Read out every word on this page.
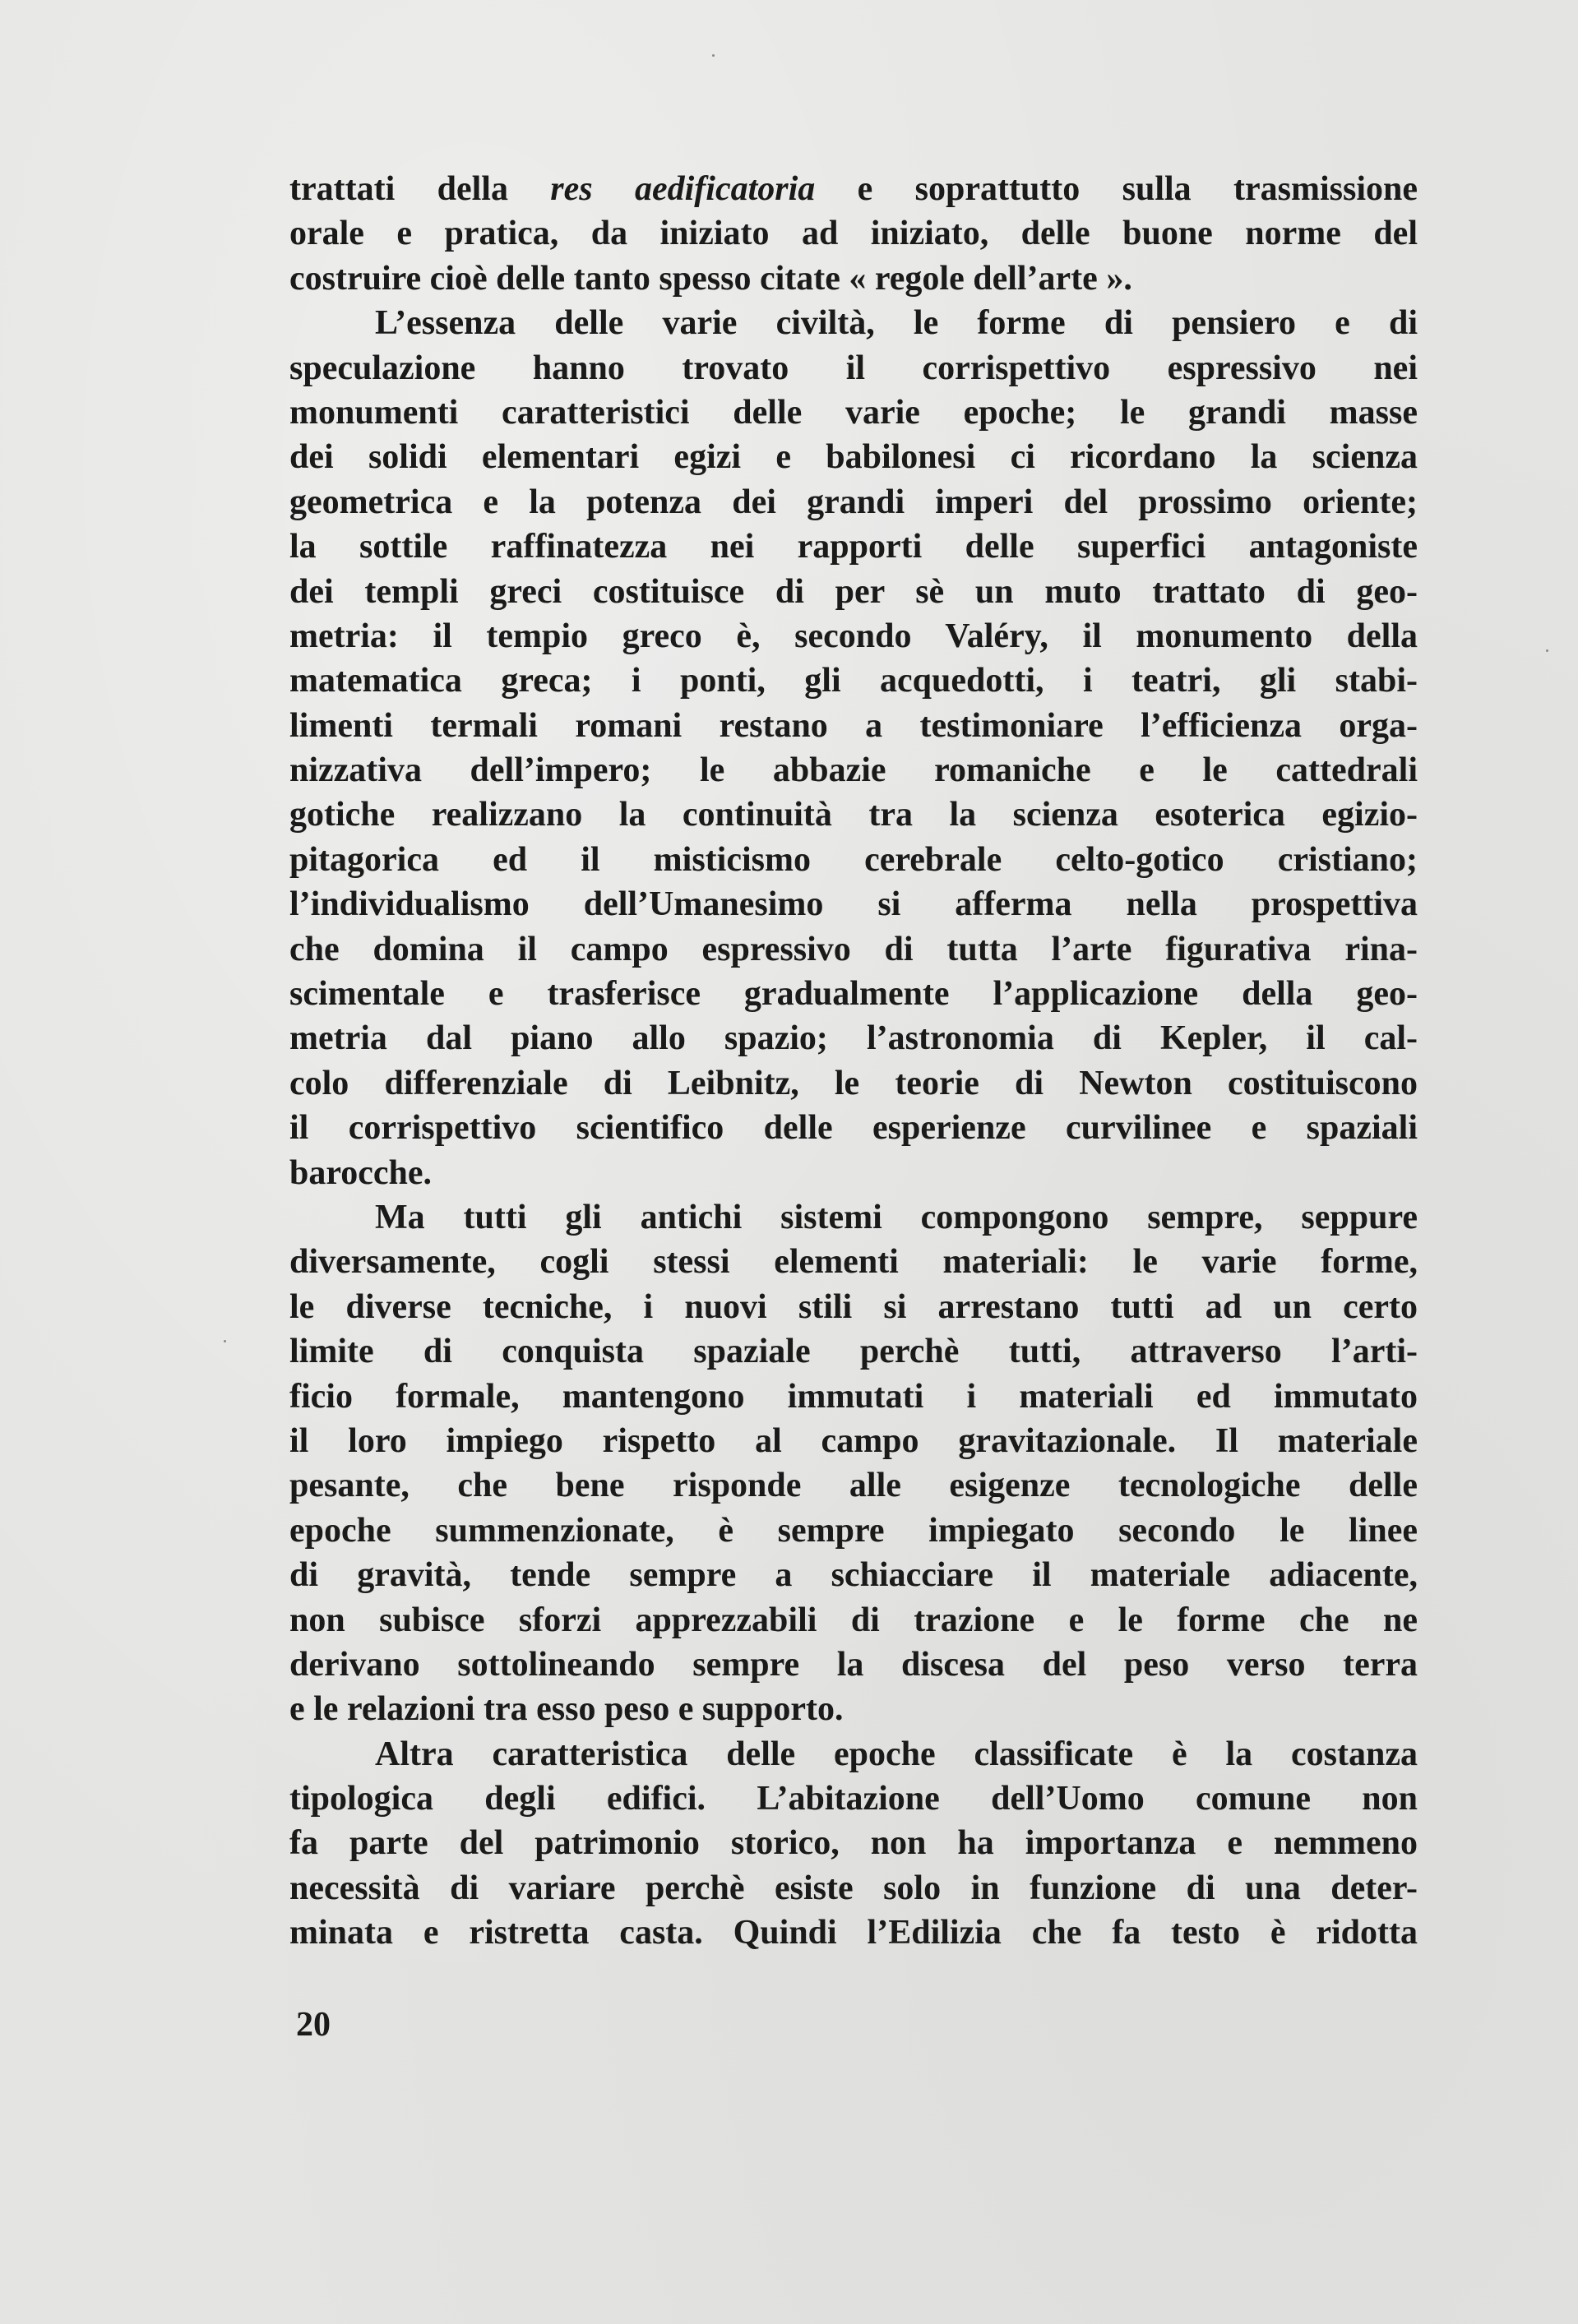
trattati della res aedificatoria e soprattutto sulla trasmissione
orale e pratica, da iniziato ad iniziato, delle buone norme del
costruire cioè delle tanto spesso citate « regole dell’arte ».
L’essenza delle varie civiltà, le forme di pensiero e di
speculazione hanno trovato il corrispettivo espressivo nei
monumenti caratteristici delle varie epoche; le grandi masse
dei solidi elementari egizi e babilonesi ci ricordano la scienza
geometrica e la potenza dei grandi imperi del prossimo oriente;
la sottile raffinatezza nei rapporti delle superfici antagoniste
dei templi greci costituisce di per sè un muto trattato di geo-
metria: il tempio greco è, secondo Valéry, il monumento della
matematica greca; i ponti, gli acquedotti, i teatri, gli stabi-
limenti termali romani restano a testimoniare l’efficienza orga-
nizzativa dell’impero; le abbazie romaniche e le cattedrali
gotiche realizzano la continuità tra la scienza esoterica egizio-
pitagorica ed il misticismo cerebrale celto-gotico cristiano;
l’individualismo dell’Umanesimo si afferma nella prospettiva
che domina il campo espressivo di tutta l’arte figurativa rina-
scimentale e trasferisce gradualmente l’applicazione della geo-
metria dal piano allo spazio; l’astronomia di Kepler, il cal-
colo differenziale di Leibnitz, le teorie di Newton costituiscono
il corrispettivo scientifico delle esperienze curvilinee e spaziali
barocche.
Ma tutti gli antichi sistemi compongono sempre, seppure
diversamente, cogli stessi elementi materiali: le varie forme,
le diverse tecniche, i nuovi stili si arrestano tutti ad un certo
limite di conquista spaziale perchè tutti, attraverso l’arti-
ficio formale, mantengono immutati i materiali ed immutato
il loro impiego rispetto al campo gravitazionale. Il materiale
pesante, che bene risponde alle esigenze tecnologiche delle
epoche summenzionate, è sempre impiegato secondo le linee
di gravità, tende sempre a schiacciare il materiale adiacente,
non subisce sforzi apprezzabili di trazione e le forme che ne
derivano sottolineando sempre la discesa del peso verso terra
e le relazioni tra esso peso e supporto.
Altra caratteristica delle epoche classificate è la costanza
tipologica degli edifici. L’abitazione dell’Uomo comune non
fa parte del patrimonio storico, non ha importanza e nemmeno
necessità di variare perchè esiste solo in funzione di una deter-
minata e ristretta casta. Quindi l’Edilizia che fa testo è ridotta
20
